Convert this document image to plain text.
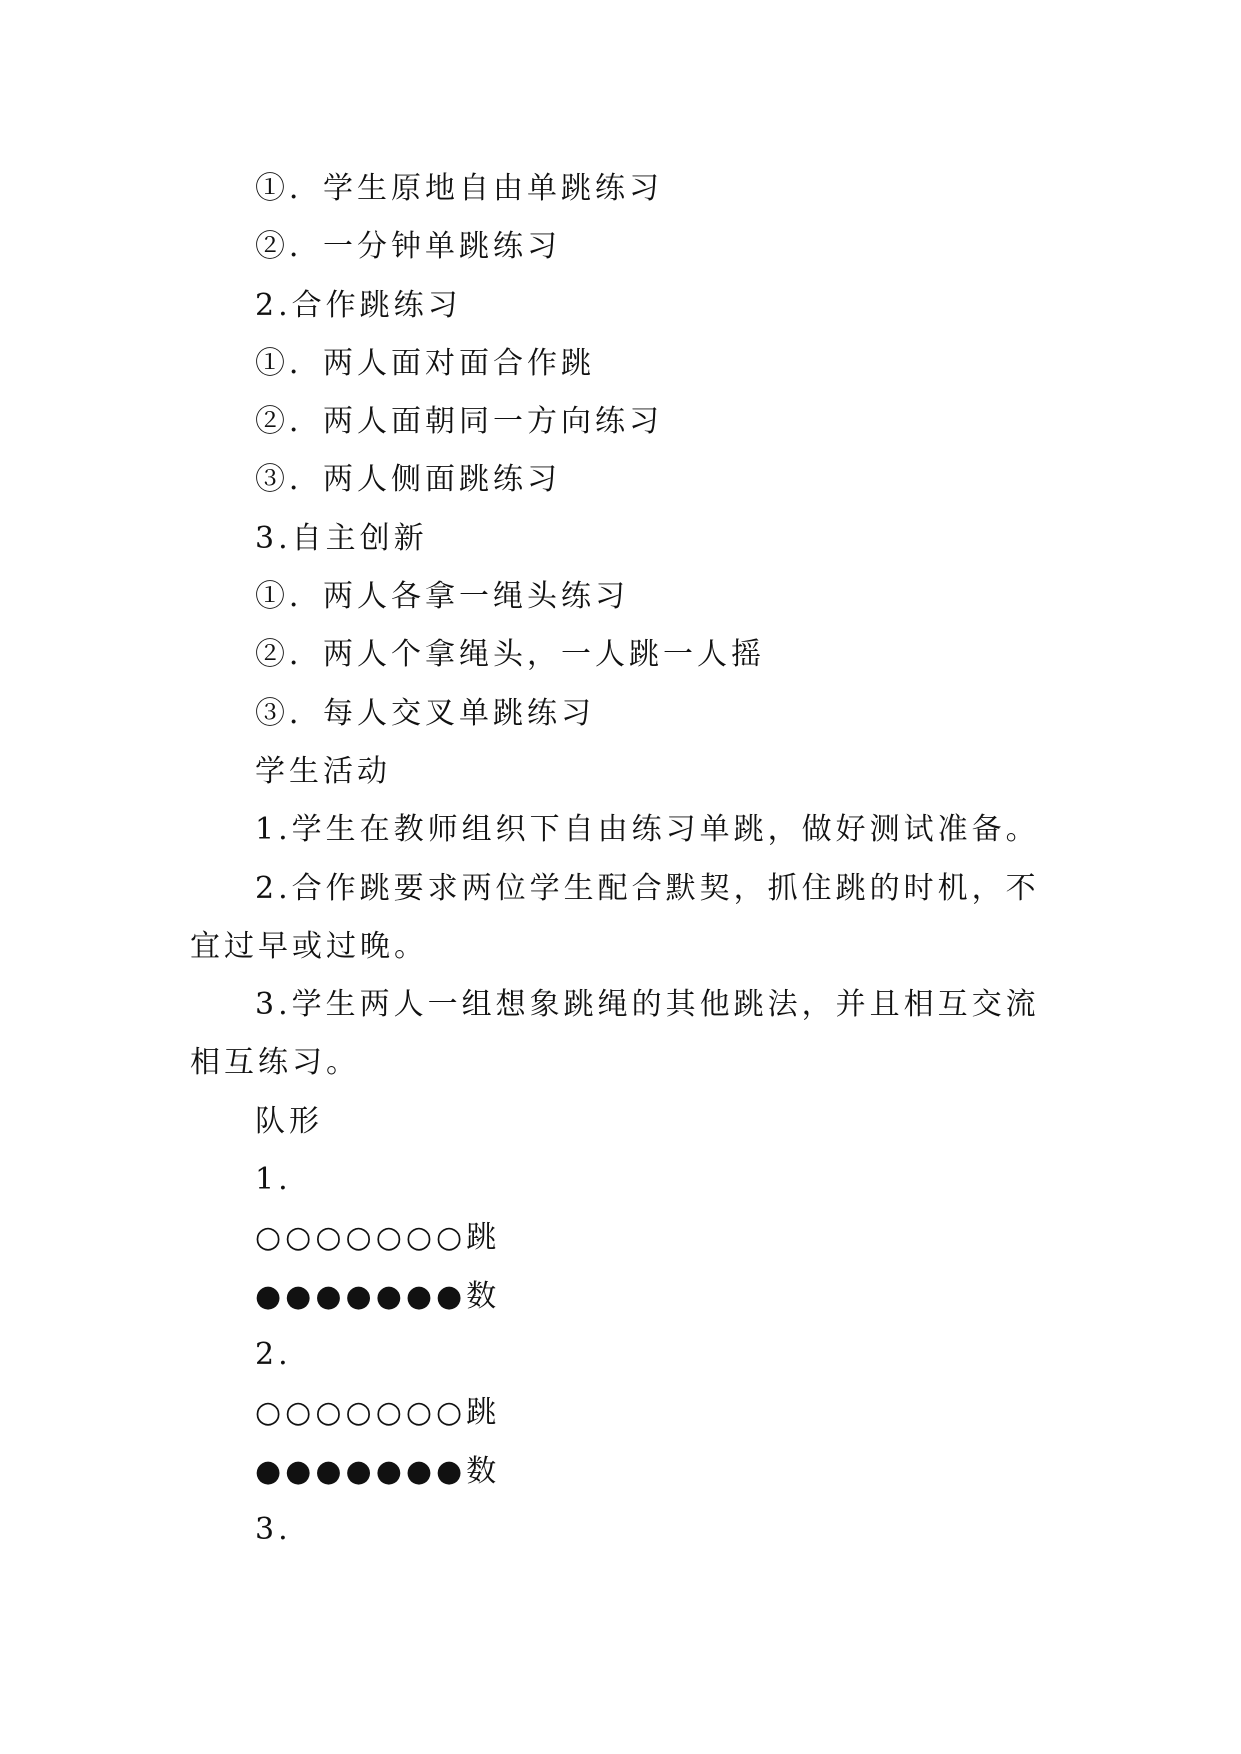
①．学生原地自由单跳练习

②．一分钟单跳练习

2.合作跳练习

①．两人面对面合作跳

②．两人面朝同一方向练习

③．两人侧面跳练习

3.自主创新

①．两人各拿一绳头练习

②．两人个拿绳头，一人跳一人摇

③．每人交叉单跳练习

学生活动

1.学生在教师组织下自由练习单跳，做好测试准备。

2.合作跳要求两位学生配合默契，抓住跳的时机，不宜过早或过晚。

3.学生两人一组想象跳绳的其他跳法，并且相互交流相互练习。

队形

1.

○○○○○○○跳

●●●●●●●数

2.

○○○○○○○跳

●●●●●●●数

3.
